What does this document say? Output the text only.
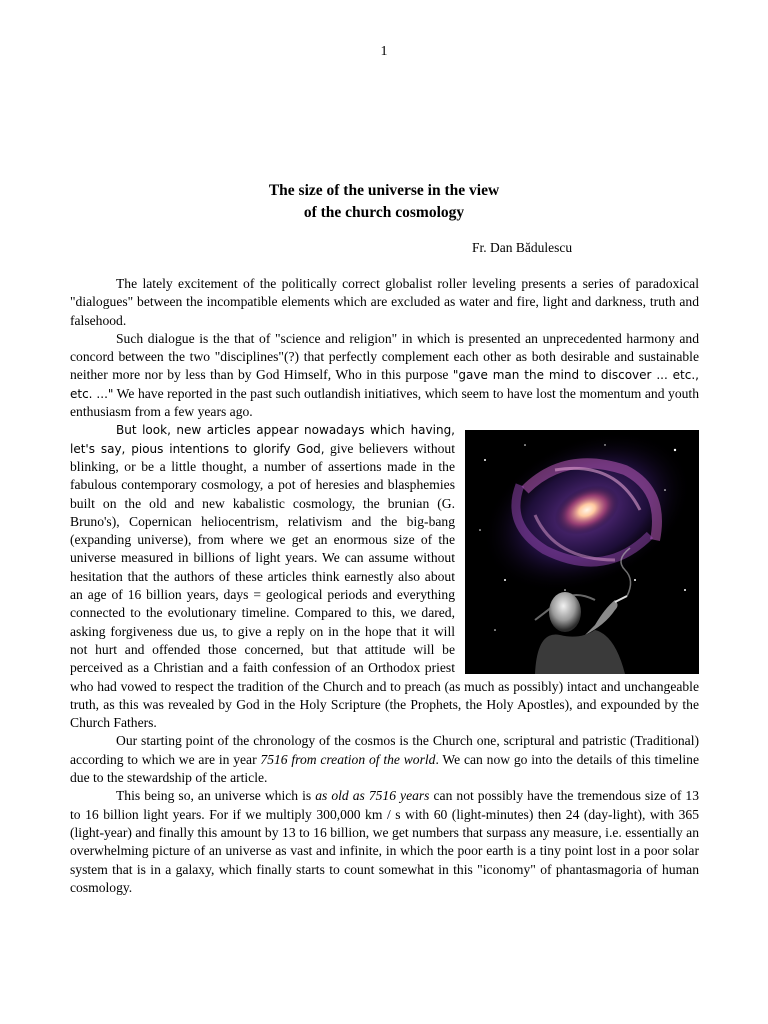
1
The size of the universe in the view
of the church cosmology
Fr. Dan Bădulescu

The lately excitement of the politically correct globalist roller leveling presents a series of paradoxical "dialogues" between the incompatible elements which are excluded as water and fire, light and darkness, truth and falsehood.

Such dialogue is the that of "science and religion" in which is presented an unprecedented harmony and concord between the two "disciplines"(?) that perfectly complement each other as both desirable and sustainable neither more nor by less than by God Himself, Who in this purpose "gave man the mind to discover ... etc., etc. ..." We have reported in the past such outlandish initiatives, which seem to have lost the momentum and youth enthusiasm from a few years ago.

But look, new articles appear nowadays which having, let's say, pious intentions to glorify God, give believers without blinking, or be a little thought, a number of assertions made in the fabulous contemporary cosmology, a pot of heresies and blasphemies built on the old and new kabalistic cosmology, the brunian (G. Bruno's), Copernican heliocentrism, relativism and the big-bang (expanding universe), from where we get an enormous size of the universe measured in billions of light years. We can assume without hesitation that the authors of these articles think earnestly also about an age of 16 billion years, days = geological periods and everything connected to the evolutionary timeline. Compared to this, we dared, asking forgiveness due us, to give a reply on in the hope that it will not hurt and offended those concerned, but that attitude will be perceived as a Christian and a faith confession of an Orthodox priest who had vowed to respect the tradition of the Church and to preach (as much as possibly) intact and unchangeable truth, as this was revealed by God in the Holy Scripture (the Prophets, the Holy Apostles), and expounded by the Church Fathers.

Our starting point of the chronology of the cosmos is the Church one, scriptural and patristic (Traditional) according to which we are in year 7516 from creation of the world. We can now go into the details of this timeline due to the stewardship of the article.

This being so, an universe which is as old as 7516 years can not possibly have the tremendous size of 13 to 16 billion light years. For if we multiply 300,000 km / s with 60 (light-minutes) then 24 (day-light), with 365 (light-year) and finally this amount by 13 to 16 billion, we get numbers that surpass any measure, i.e. essentially an overwhelming picture of an universe as vast and infinite, in which the poor earth is a tiny point lost in a poor solar system that is in a galaxy, which finally starts to count somewhat in this "iconomy" of phantasmagoria of human cosmology.
